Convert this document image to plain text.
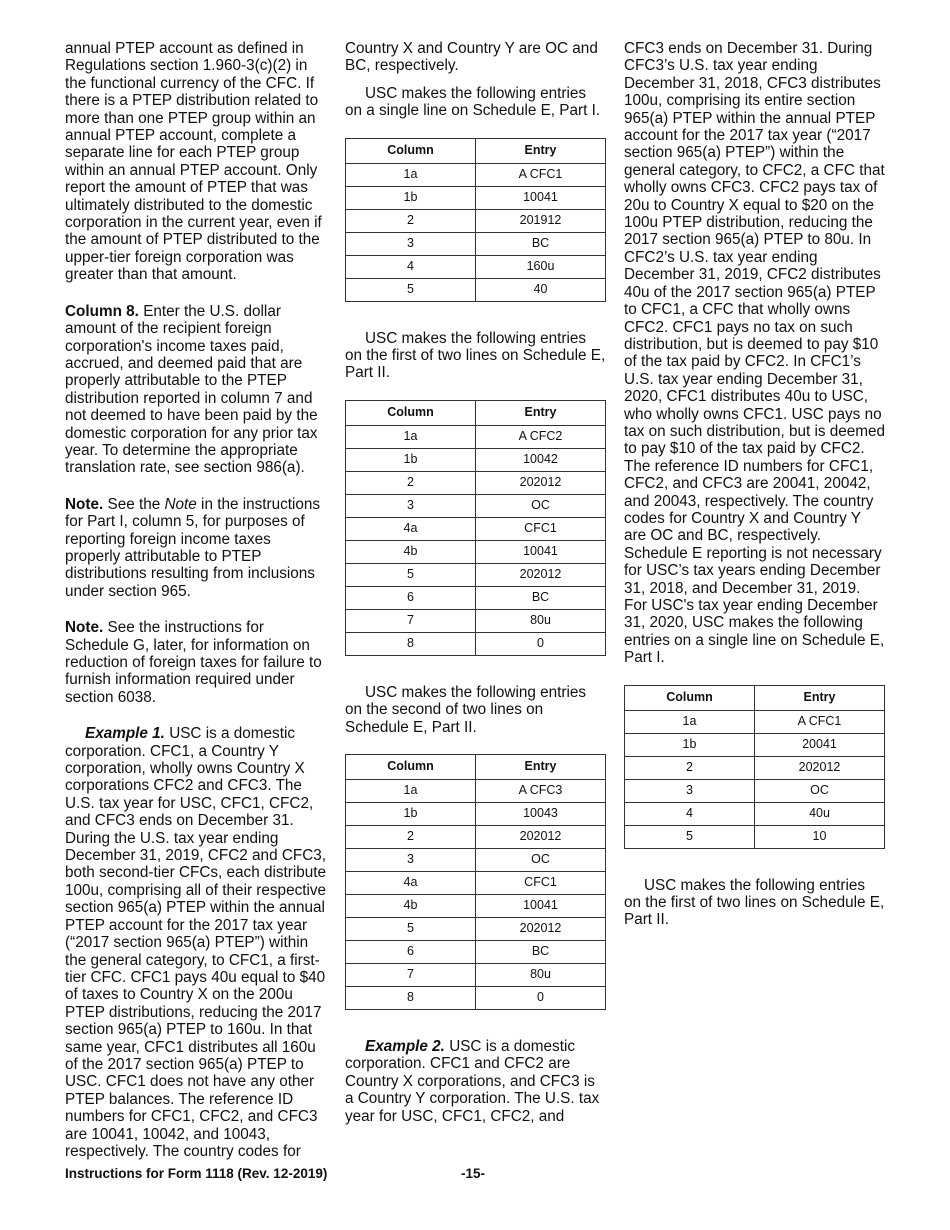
annual PTEP account as defined in Regulations section 1.960-3(c)(2) in the functional currency of the CFC. If there is a PTEP distribution related to more than one PTEP group within an annual PTEP account, complete a separate line for each PTEP group within an annual PTEP account. Only report the amount of PTEP that was ultimately distributed to the domestic corporation in the current year, even if the amount of PTEP distributed to the upper-tier foreign corporation was greater than that amount.

Column 8. Enter the U.S. dollar amount of the recipient foreign corporation's income taxes paid, accrued, and deemed paid that are properly attributable to the PTEP distribution reported in column 7 and not deemed to have been paid by the domestic corporation for any prior tax year. To determine the appropriate translation rate, see section 986(a).

Note. See the Note in the instructions for Part I, column 5, for purposes of reporting foreign income taxes properly attributable to PTEP distributions resulting from inclusions under section 965.

Note. See the instructions for Schedule G, later, for information on reduction of foreign taxes for failure to furnish information required under section 6038.

Example 1. USC is a domestic corporation. CFC1, a Country Y corporation, wholly owns Country X corporations CFC2 and CFC3. The U.S. tax year for USC, CFC1, CFC2, and CFC3 ends on December 31. During the U.S. tax year ending December 31, 2019, CFC2 and CFC3, both second-tier CFCs, each distribute 100u, comprising all of their respective section 965(a) PTEP within the annual PTEP account for the 2017 tax year (“2017 section 965(a) PTEP”) within the general category, to CFC1, a first-tier CFC. CFC1 pays 40u equal to $40 of taxes to Country X on the 200u PTEP distributions, reducing the 2017 section 965(a) PTEP to 160u. In that same year, CFC1 distributes all 160u of the 2017 section 965(a) PTEP to USC. CFC1 does not have any other PTEP balances. The reference ID numbers for CFC1, CFC2, and CFC3 are 10041, 10042, and 10043, respectively. The country codes for

Country X and Country Y are OC and BC, respectively.

USC makes the following entries on a single line on Schedule E, Part I.

Column	Entry
1a	A CFC1
1b	10041
2	201912
3	BC
4	160u
5	40

USC makes the following entries on the first of two lines on Schedule E, Part II.

Column	Entry
1a	A CFC2
1b	10042
2	202012
3	OC
4a	CFC1
4b	10041
5	202012
6	BC
7	80u
8	0

USC makes the following entries on the second of two lines on Schedule E, Part II.

Column	Entry
1a	A CFC3
1b	10043
2	202012
3	OC
4a	CFC1
4b	10041
5	202012
6	BC
7	80u
8	0

Example 2. USC is a domestic corporation. CFC1 and CFC2 are Country X corporations, and CFC3 is a Country Y corporation. The U.S. tax year for USC, CFC1, CFC2, and

CFC3 ends on December 31. During CFC3’s U.S. tax year ending December 31, 2018, CFC3 distributes 100u, comprising its entire section 965(a) PTEP within the annual PTEP account for the 2017 tax year (“2017 section 965(a) PTEP”) within the general category, to CFC2, a CFC that wholly owns CFC3. CFC2 pays tax of 20u to Country X equal to $20 on the 100u PTEP distribution, reducing the 2017 section 965(a) PTEP to 80u. In CFC2’s U.S. tax year ending December 31, 2019, CFC2 distributes 40u of the 2017 section 965(a) PTEP to CFC1, a CFC that wholly owns CFC2. CFC1 pays no tax on such distribution, but is deemed to pay $10 of the tax paid by CFC2. In CFC1’s U.S. tax year ending December 31, 2020, CFC1 distributes 40u to USC, who wholly owns CFC1. USC pays no tax on such distribution, but is deemed to pay $10 of the tax paid by CFC2. The reference ID numbers for CFC1, CFC2, and CFC3 are 20041, 20042, and 20043, respectively. The country codes for Country X and Country Y are OC and BC, respectively. Schedule E reporting is not necessary for USC’s tax years ending December 31, 2018, and December 31, 2019. For USC's tax year ending December 31, 2020, USC makes the following entries on a single line on Schedule E, Part I.

Column	Entry
1a	A CFC1
1b	20041
2	202012
3	OC
4	40u
5	10

USC makes the following entries on the first of two lines on Schedule E, Part II.

Instructions for Form 1118 (Rev. 12-2019)	-15-
